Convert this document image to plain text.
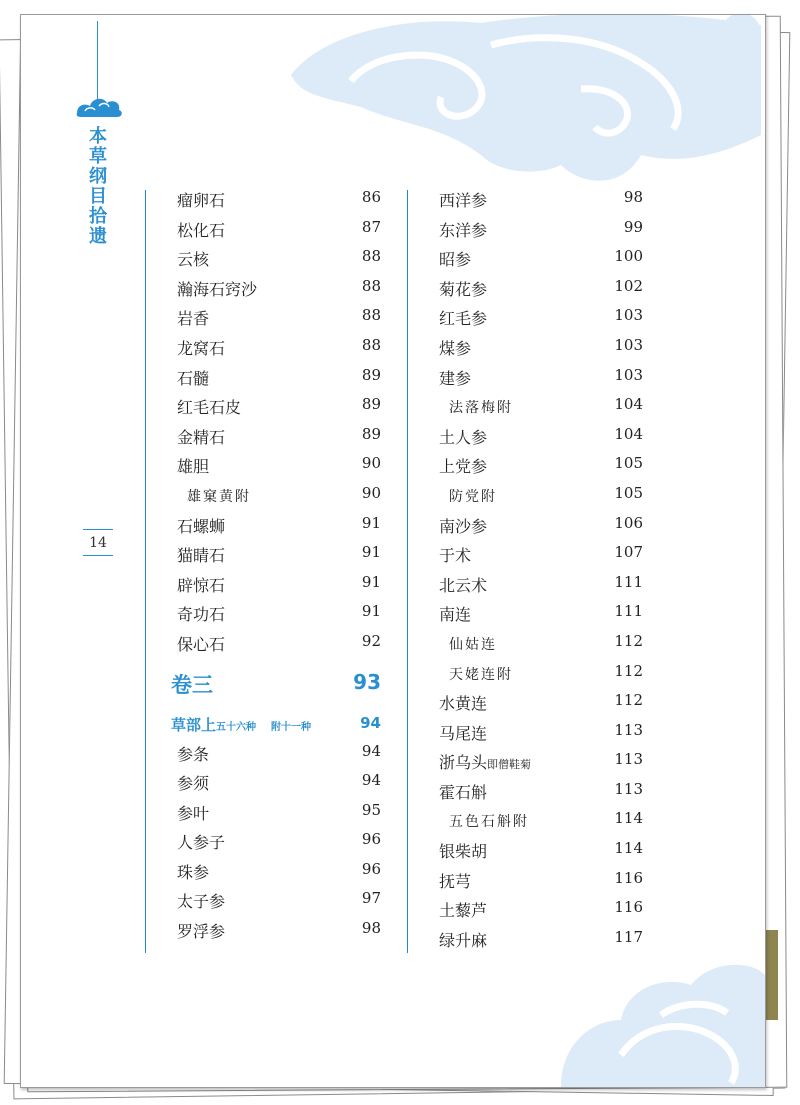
本草纲目拾遗
14
瘤卵石	86
松化石	87
云核	88
瀚海石窍沙	88
岩香	88
龙窝石	88
石髓	89
红毛石皮	89
金精石	89
雄胆	90
雄窠黄附	90
石螺蛳	91
猫睛石	91
辟惊石	91
奇功石	91
保心石	92
卷三	93
草部上五十六种　 附十一种	94
参条	94
参须	94
参叶	95
人参子	96
珠参	96
太子参	97
罗浮参	98
西洋参	98
东洋参	99
昭参	100
菊花参	102
红毛参	103
煤参	103
建参	103
法落梅附	104
土人参	104
上党参	105
防党附	105
南沙参	106
于术	107
北云术	111
南连	111
仙姑连	112
天姥连附	112
水黄连	112
马尾连	113
浙乌头即僧鞋菊	113
霍石斛	113
五色石斛附	114
银柴胡	114
抚芎	116
土藜芦	116
绿升麻	117
